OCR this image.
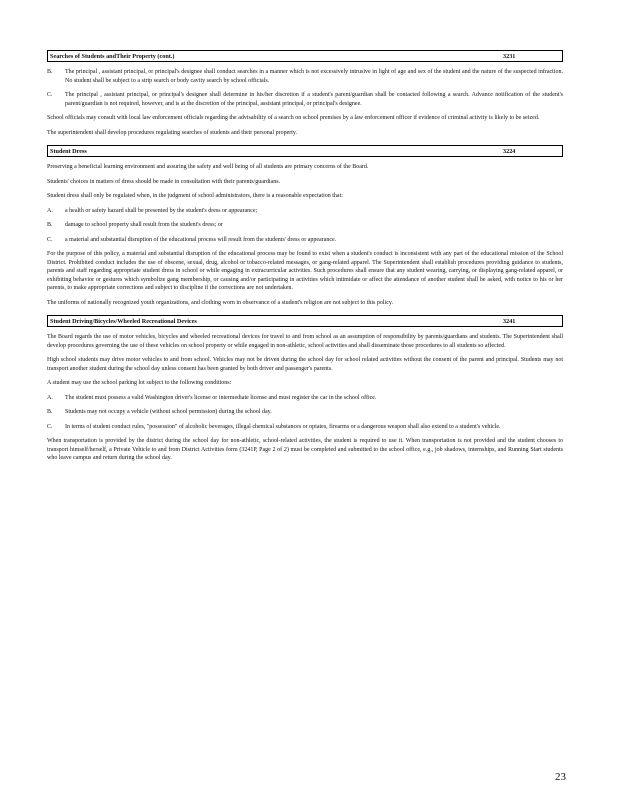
Searches of Students andTheir Property (cont.)	3231
B. The principal , assistant principal, or principal's designee shall conduct searches in a manner which is not excessively intrusive in light of age and sex of the student and the nature of the suspected infraction. No student shall be subject to a strip search or body cavity search by school officials.
C. The principal , assistant principal, or principal's designee shall determine in his/her discretion if a student's parent/guardian shall be contacted following a search. Advance notification of the student's parent/guardian is not required, however, and is at the discretion of the principal, assistant principal, or principal's designee.

School officials may consult with local law enforcement officials regarding the advisability of a search on school premises by a law enforcement officer if evidence of criminal activity is likely to be seized.

The superintendent shall develop procedures regulating searches of students and their personal property.

Student Dress	3224

Preserving a beneficial learning environment and assuring the safety and well being of all students are primary concerns of the Board.

Students' choices in matters of dress should be made in consultation with their parents/guardians.

Student dress shall only be regulated when, in the judgment of school administrators, there is a reasonable expectation that:

A. a health or safety hazard shall be presented by the student's dress or appearance;
B. damage to school property shall result from the student's dress; or
C. a material and substantial disruption of the educational process will result from the students' dress or appearance.

For the purpose of this policy, a material and substantial disruption of the educational process may be found to exist when a student's conduct is inconsistent with any part of the educational mission of the School District. Prohibited conduct includes the use of obscene, sexual, drug, alcohol or tobacco-related messages, or gang-related apparel. The Superintendent shall establish procedures providing guidance to students, parents and staff regarding appropriate student dress in school or while engaging in extracurricular activities. Such procedures shall ensure that any student wearing, carrying, or displaying gang-related apparel, or exhibiting behavior or gestures which symbolize gang membership, or causing and/or participating in activities which intimidate or affect the attendance of another student shall be asked, with notice to his or her parents, to make appropriate corrections and subject to discipline if the corrections are not undertaken.

The uniforms of nationally recognized youth organizations, and clothing worn in observance of a student's religion are not subject to this policy.

Student Driving/Bicycles/Wheeled Recreational Devices	3241

The Board regards the use of motor vehicles, bicycles and wheeled recreational devices for travel to and from school as an assumption of responsibility by parents/guardians and students. The Superintendent shall develop procedures governing the use of these vehicles on school property or while engaged in non-athletic, school activities and shall disseminate those procedures to all students so affected.

High school students may drive motor vehicles to and from school. Vehicles may not be driven during the school day for school related activities without the consent of the parent and principal. Students may not transport another student during the school day unless consent has been granted by both driver and passenger's parents.

A student may use the school parking lot subject to the following conditions:

A. The student must possess a valid Washington driver's license or intermediate license and must register the car in the school office.
B. Students may not occupy a vehicle (without school permission) during the school day.
C. In terms of student conduct rules, "possession" of alcoholic beverages, illegal chemical substances or opiates, firearms or a dangerous weapon shall also extend to a student's vehicle.

When transportation is provided by the district during the school day for non-athletic, school-related activities, the student is required to use it. When transportation is not provided and the student chooses to transport himself/herself, a Private Vehicle to and from District Activities form (3241P, Page 2 of 2) must be completed and submitted to the school office, e.g., job shadows, internships, and Running Start students who leave campus and return during the school day.

23
